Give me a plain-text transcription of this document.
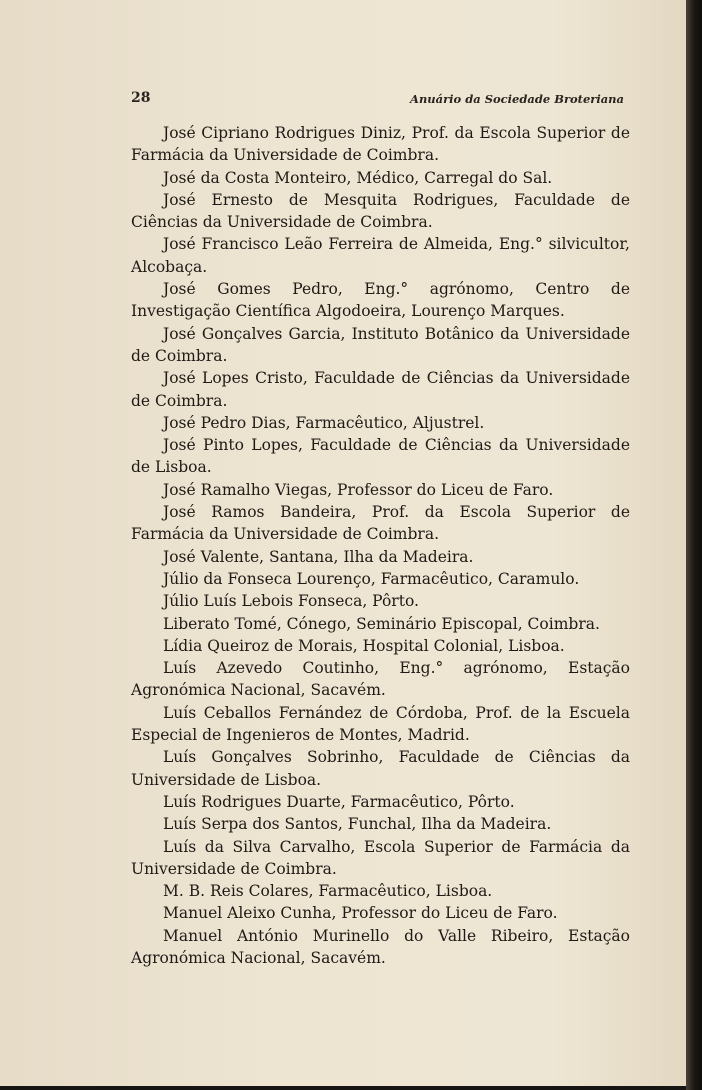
28	Anuário da Sociedade Broteriana

José Cipriano Rodrigues Diniz, Prof. da Escola Superior de Farmácia da Universidade de Coimbra.

José da Costa Monteiro, Médico, Carregal do Sal.

José Ernesto de Mesquita Rodrigues, Faculdade de Ciências da Universidade de Coimbra.

José Francisco Leão Ferreira de Almeida, Eng.° silvicultor, Alcobaça.

José Gomes Pedro, Eng.° agrónomo, Centro de Investigação Científica Algodoeira, Lourenço Marques.

José Gonçalves Garcia, Instituto Botânico da Universidade de Coimbra.

José Lopes Cristo, Faculdade de Ciências da Universidade de Coimbra.

José Pedro Dias, Farmacêutico, Aljustrel.

José Pinto Lopes, Faculdade de Ciências da Universidade de Lisboa.

José Ramalho Viegas, Professor do Liceu de Faro.

José Ramos Bandeira, Prof. da Escola Superior de Farmácia da Universidade de Coimbra.

José Valente, Santana, Ilha da Madeira.

Júlio da Fonseca Lourenço, Farmacêutico, Caramulo.

Júlio Luís Lebois Fonseca, Pôrto.

Liberato Tomé, Cónego, Seminário Episcopal, Coimbra.

Lídia Queiroz de Morais, Hospital Colonial, Lisboa.

Luís Azevedo Coutinho, Eng.° agrónomo, Estação Agronómica Nacional, Sacavém.

Luís Ceballos Fernández de Córdoba, Prof. de la Escuela Especial de Ingenieros de Montes, Madrid.

Luís Gonçalves Sobrinho, Faculdade de Ciências da Universidade de Lisboa.

Luís Rodrigues Duarte, Farmacêutico, Pôrto.

Luís Serpa dos Santos, Funchal, Ilha da Madeira.

Luís da Silva Carvalho, Escola Superior de Farmácia da Universidade de Coimbra.

M. B. Reis Colares, Farmacêutico, Lisboa.

Manuel Aleixo Cunha, Professor do Liceu de Faro.

Manuel António Murinello do Valle Ribeiro, Estação Agronómica Nacional, Sacavém.
